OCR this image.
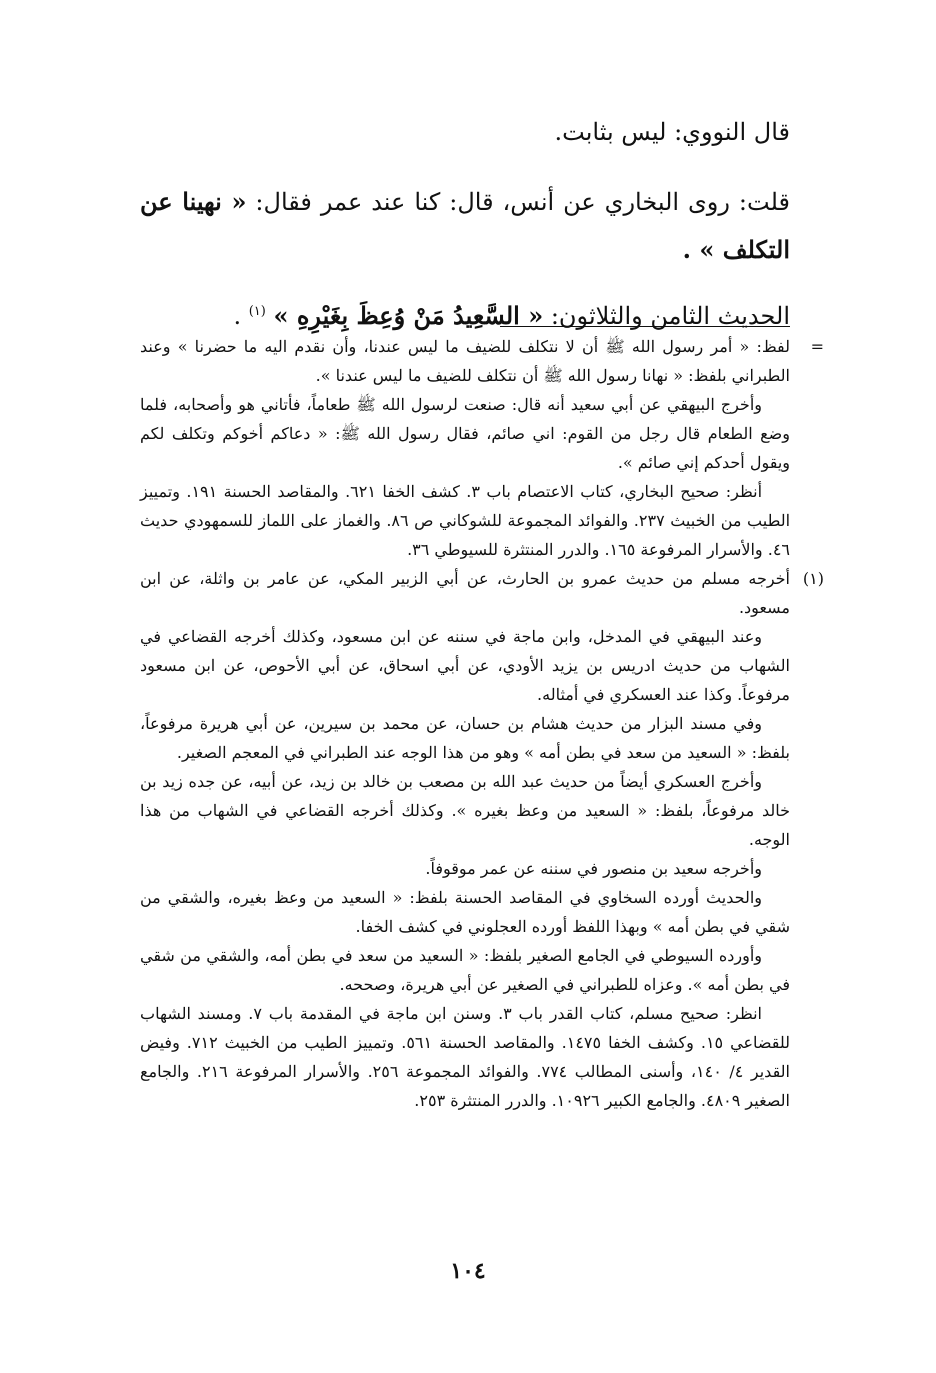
قال النووي: ليس بثابت.

قلت: روى البخاري عن أنس، قال: كنا عند عمر فقال: « نهينا عن التكلف » .

الحديث الثامن والثلاثون: « السَّعِيدُ مَنْ وُعِظَ بِغَيْرِهِ » $^{(١)}$ .

=
لفظ: « أمر رسول الله ﷺ أن لا نتكلف للضيف ما ليس عندنا، وأن نقدم اليه ما حضرنا » وعند الطبراني بلفظ: « نهانا رسول الله ﷺ أن نتكلف للضيف ما ليس عندنا ».

وأخرج البيهقي عن أبي سعيد أنه قال: صنعت لرسول الله ﷺ طعاماً، فأتاني هو وأصحابه، فلما وضع الطعام قال رجل من القوم: اني صائم، فقال رسول الله ﷺ: « دعاكم أخوكم وتكلف لكم ويقول أحدكم إني صائم ».

أنظر: صحيح البخاري، كتاب الاعتصام باب ٣. كشف الخفا ٦٢١. والمقاصد الحسنة ١٩١. وتمييز الطيب من الخبيث ٢٣٧. والفوائد المجموعة للشوكاني ص ٨٦. والغماز على اللماز للسمهودي حديث ٤٦. والأسرار المرفوعة ١٦٥. والدرر المنتثرة للسيوطي ٣٦.

(١)
أخرجه مسلم من حديث عمرو بن الحارث، عن أبي الزبير المكي، عن عامر بن واثلة، عن ابن مسعود.

وعند البيهقي في المدخل، وابن ماجة في سننه عن ابن مسعود، وكذلك أخرجه القضاعي في الشهاب من حديث ادريس بن يزيد الأودي، عن أبي اسحاق، عن أبي الأحوص، عن ابن مسعود مرفوعاً. وكذا عند العسكري في أمثاله.

وفي مسند البزار من حديث هشام بن حسان، عن محمد بن سيرين، عن أبي هريرة مرفوعاً، بلفظ: « السعيد من سعد في بطن أمه » وهو من هذا الوجه عند الطبراني في المعجم الصغير.

وأخرج العسكري أيضاً من حديث عبد الله بن مصعب بن خالد بن زيد، عن أبيه، عن جده زيد بن خالد مرفوعاً، بلفظ: « السعيد من وعظ بغيره ». وكذلك أخرجه القضاعي في الشهاب من هذا الوجه.

وأخرجه سعيد بن منصور في سننه عن عمر موقوفاً.

والحديث أورده السخاوي في المقاصد الحسنة بلفظ: « السعيد من وعظ بغيره، والشقي من شقي في بطن أمه » وبهذا اللفظ أورده العجلوني في كشف الخفا.

وأورده السيوطي في الجامع الصغير بلفظ: « السعيد من سعد في بطن أمه، والشقي من شقي في بطن أمه ». وعزاه للطبراني في الصغير عن أبي هريرة، وصححه.

انظر: صحيح مسلم، كتاب القدر باب ٣. وسنن ابن ماجة في المقدمة باب ٧. ومسند الشهاب للقضاعي ١٥. وكشف الخفا ١٤٧٥. والمقاصد الحسنة ٥٦١. وتمييز الطيب من الخبيث ٧١٢. وفيض القدير ٤/ ١٤٠، وأسنى المطالب ٧٧٤. والفوائد المجموعة ٢٥٦. والأسرار المرفوعة ٢١٦. والجامع الصغير ٤٨٠٩. والجامع الكبير ١٠٩٢٦. والدرر المنتثرة ٢٥٣.

١٠٤
